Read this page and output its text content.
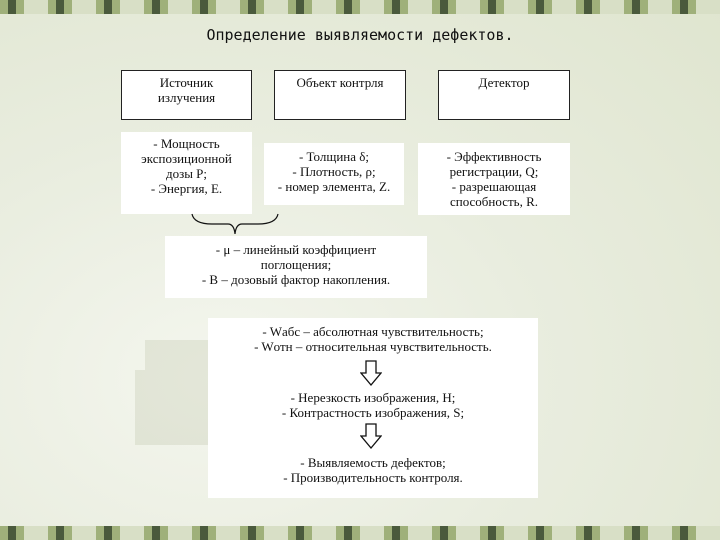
Определение выявляемости дефектов.
Источник
излучения
Объект контрля	Детектор
- Мощность
экспозиционной
дозы P;
- Энергия, E.
- Толщина δ;
- Плотность, ρ;
- номер элемента, Z.
- Эффективность
регистрации, Q;
- разрешающая
способность, R.
- μ – линейный коэффициент
поглощения;
- B – дозовый фактор накопления.
- Wабс – абсолютная чувствительность;
- Wотн – относительная чувствительность.
- Нерезкость изображения, H;
- Контрастность изображения, S;
- Выявляемость дефектов;
- Производительность контроля.
